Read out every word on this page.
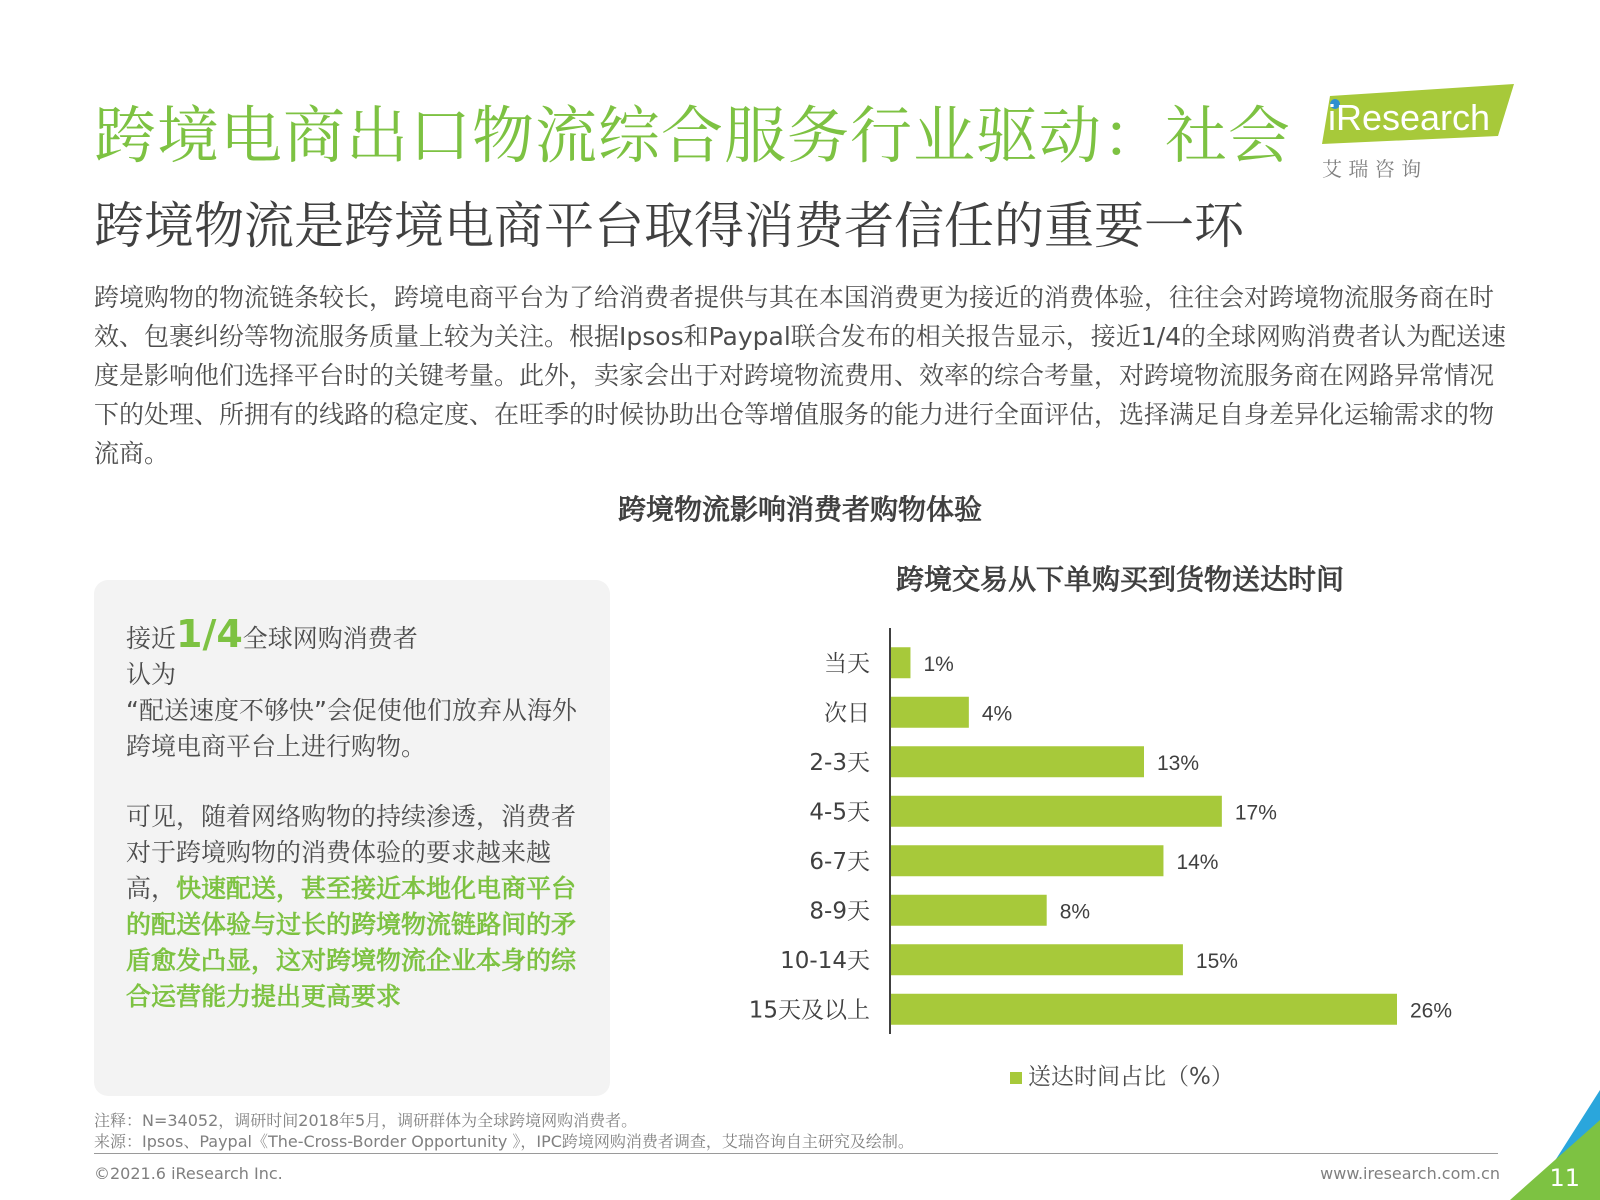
跨境电商出口物流综合服务行业驱动：社会
跨境物流是跨境电商平台取得消费者信任的重要一环
iResearch
艾 瑞 咨 询
跨境购物的物流链条较长，跨境电商平台为了给消费者提供与其在本国消费更为接近的消费体验，往往会对跨境物流服务商在时效、包裹纠纷等物流服务质量上较为关注。根据Ipsos和Paypal联合发布的相关报告显示，接近1/4的全球网购消费者认为配送速度是影响他们选择平台时的关键考量。此外，卖家会出于对跨境物流费用、效率的综合考量，对跨境物流服务商在网路异常情况下的处理、所拥有的线路的稳定度、在旺季的时候协助出仓等增值服务的能力进行全面评估，选择满足自身差异化运输需求的物流商。
跨境物流影响消费者购物体验
接近1/4全球网购消费者
认为
“配送速度不够快”会促使他们放弃从海外跨境电商平台上进行购物。
可见，随着网络购物的持续渗透，消费者对于跨境购物的消费体验的要求越来越高，快速配送，甚至接近本地化电商平台的配送体验与过长的跨境物流链路间的矛盾愈发凸显，这对跨境物流企业本身的综合运营能力提出更高要求
跨境交易从下单购买到货物送达时间
当天	1%
次日	4%
2-3天	13%
4-5天	17%
6-7天	14%
8-9天	8%
10-14天	15%
15天及以上	26%
送达时间占比（%）
注释：N=34052，调研时间2018年5月，调研群体为全球跨境网购消费者。
来源：Ipsos、Paypal《The-Cross-Border Opportunity 》，IPC跨境网购消费者调查，艾瑞咨询自主研究及绘制。
©2021.6 iResearch Inc.	www.iresearch.com.cn 11
